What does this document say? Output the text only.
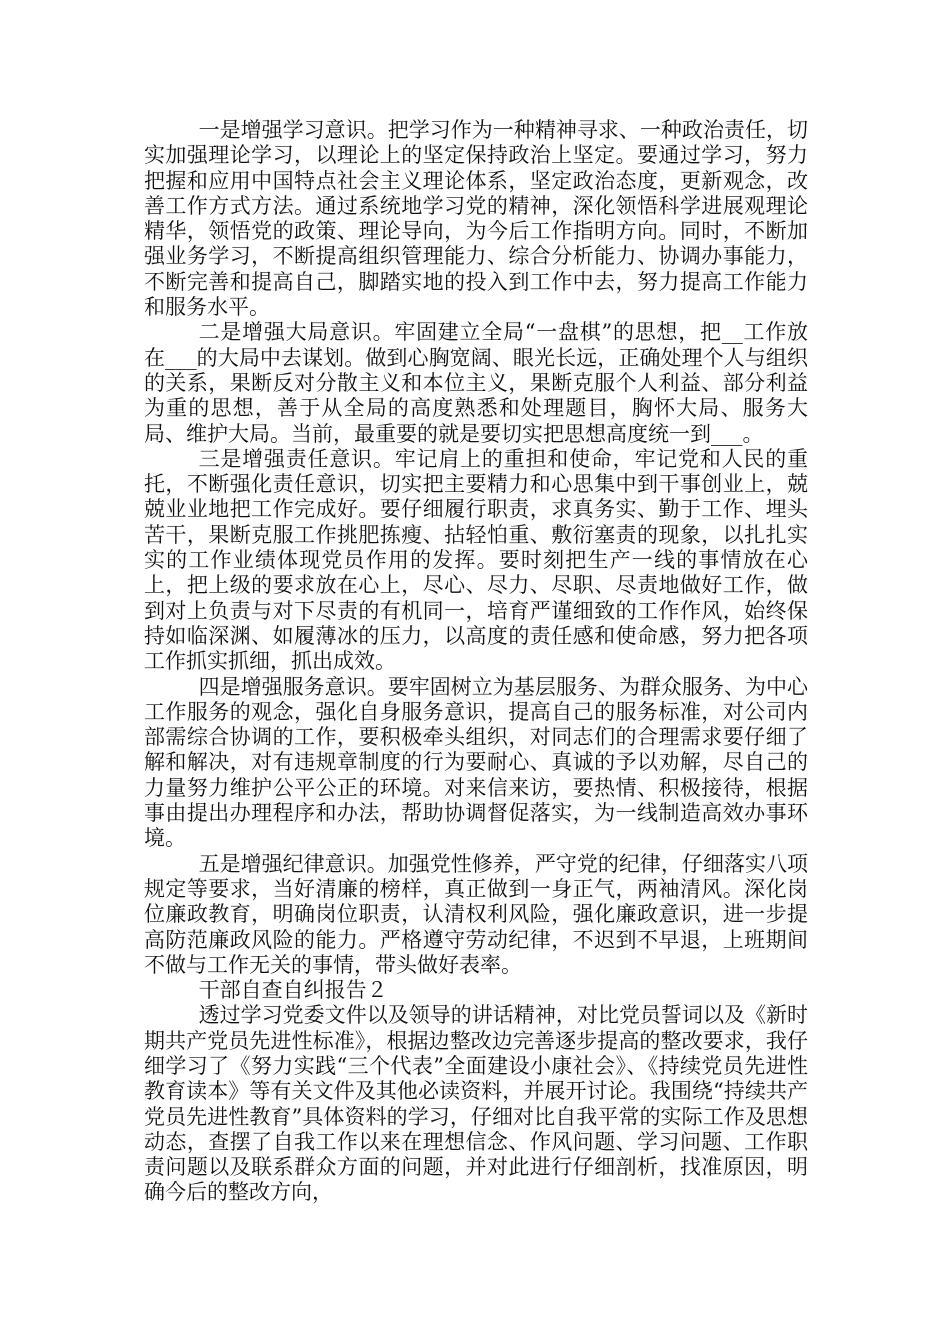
一是增强学习意识。把学习作为一种精神寻求、一种政治责任，切实加强理论学习，以理论上的坚定保持政治上坚定。要通过学习，努力把握和应用中国特点社会主义理论体系，坚定政治态度，更新观念，改善工作方式方法。通过系统地学习党的精神，深化领悟科学进展观理论精华，领悟党的政策、理论导向，为今后工作指明方向。同时，不断加强业务学习，不断提高组织管理能力、综合分析能力、协调办事能力，不断完善和提高自己，脚踏实地的投入到工作中去，努力提高工作能力和服务水平。

二是增强大局意识。牢固建立全局“一盘棋”的思想，把__工作放在___的大局中去谋划。做到心胸宽阔、眼光长远，正确处理个人与组织的关系，果断反对分散主义和本位主义，果断克服个人利益、部分利益为重的思想，善于从全局的高度熟悉和处理题目，胸怀大局、服务大局、维护大局。当前，最重要的就是要切实把思想高度统一到___。

三是增强责任意识。牢记肩上的重担和使命，牢记党和人民的重托，不断强化责任意识，切实把主要精力和心思集中到干事创业上，兢兢业业地把工作完成好。要仔细履行职责，求真务实、勤于工作、埋头苦干，果断克服工作挑肥拣瘦、拈轻怕重、敷衍塞责的现象，以扎扎实实的工作业绩体现党员作用的发挥。要时刻把生产一线的事情放在心上，把上级的要求放在心上，尽心、尽力、尽职、尽责地做好工作，做到对上负责与对下尽责的有机同一，培育严谨细致的工作作风，始终保持如临深渊、如履薄冰的压力，以高度的责任感和使命感，努力把各项工作抓实抓细，抓出成效。

四是增强服务意识。要牢固树立为基层服务、为群众服务、为中心工作服务的观念，强化自身服务意识，提高自己的服务标准，对公司内部需综合协调的工作，要积极牵头组织，对同志们的合理需求要仔细了解和解决，对有违规章制度的行为要耐心、真诚的予以劝解，尽自己的力量努力维护公平公正的环境。对来信来访，要热情、积极接待，根据事由提出办理程序和办法，帮助协调督促落实，为一线制造高效办事环境。

五是增强纪律意识。加强党性修养，严守党的纪律，仔细落实八项规定等要求，当好清廉的榜样，真正做到一身正气，两袖清风。深化岗位廉政教育，明确岗位职责，认清权利风险，强化廉政意识，进一步提高防范廉政风险的能力。严格遵守劳动纪律，不迟到不早退，上班期间不做与工作无关的事情，带头做好表率。

干部自查自纠报告２

透过学习党委文件以及领导的讲话精神，对比党员誓词以及《新时期共产党员先进性标准》，根据边整改边完善逐步提高的整改要求，我仔细学习了《努力实践“三个代表”全面建设小康社会》、《持续党员先进性教育读本》等有关文件及其他必读资料，并展开讨论。我围绕“持续共产党员先进性教育”具体资料的学习，仔细对比自我平常的实际工作及思想动态，查摆了自我工作以来在理想信念、作风问题、学习问题、工作职责问题以及联系群众方面的问题，并对此进行仔细剖析，找准原因，明确今后的整改方向，
